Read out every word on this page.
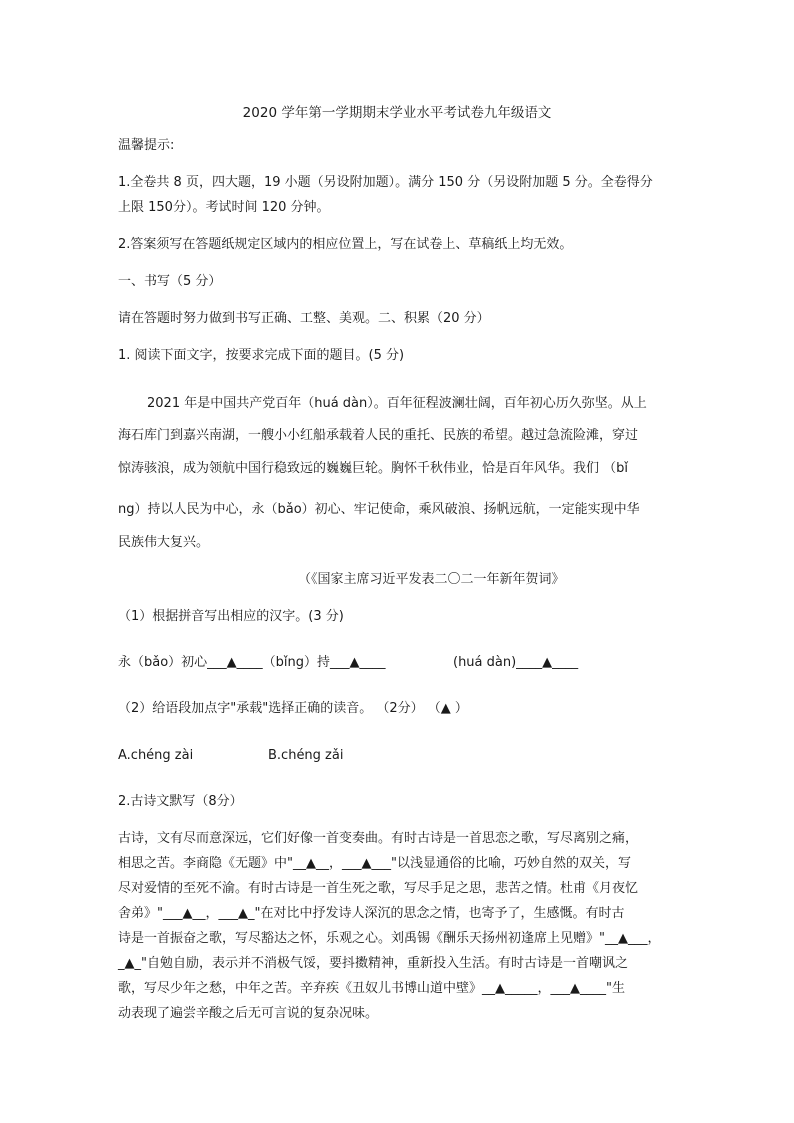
2020 学年第一学期期末学业水平考试卷九年级语文
温馨提示:
1.全卷共 8 页，四大题，19 小题（另设附加题）。满分 150 分（另设附加题 5 分。全卷得分
上限 150分）。考试时间 120 分钟。
2.答案须写在答题纸规定区域内的相应位置上，写在试卷上、草稿纸上均无效。
一、书写（5 分）
请在答题时努力做到书写正确、工整、美观。二、积累（20 分）
1. 阅读下面文字，按要求完成下面的题目。(5 分)
2021 年是中国共产党百年（huá dàn）。百年征程波澜壮阔，百年初心历久弥坚。从上
海石库门到嘉兴南湖，一艘小小红船承载着人民的重托、民族的希望。越过急流险滩，穿过
惊涛骇浪，成为领航中国行稳致远的巍巍巨轮。胸怀千秋伟业，恰是百年风华。我们 （bǐ
ng）持以人民为中心，永（bǎo）初心、牢记使命，乘风破浪、扬帆远航，一定能实现中华
民族伟大复兴。
（《国家主席习近平发表二〇二一年新年贺词》
（1）根据拼音写出相应的汉字。(3 分)
永（bǎo）初心___▲____（bǐng）持___▲____	(huá dàn)____▲____
（2）给语段加点字"承载"选择正确的读音。 （2分） （▲ ）
A.chéng zài	B.chéng zǎi
2.古诗文默写（8分）
古诗，文有尽而意深远，它们好像一首变奏曲。有时古诗是一首思恋之歌，写尽离别之痛，
相思之苦。李商隐《无题》中"__▲__，___▲___"以浅显通俗的比喻，巧妙自然的双关，写
尽对爱情的至死不渝。有时古诗是一首生死之歌，写尽手足之思，悲苦之情。杜甫《月夜忆
舍弟》"___▲__，___▲_"在对比中抒发诗人深沉的思念之情，也寄予了，生感慨。有时古
诗是一首振奋之歌，写尽豁达之怀，乐观之心。刘禹锡《酬乐天扬州初逢席上见赠》"__▲___，
_▲_"自勉自励，表示并不消极气馁，要抖擞精神，重新投入生活。有时古诗是一首嘲讽之
歌，写尽少年之愁，中年之苦。辛弃疾《丑奴儿书博山道中壁》__▲_____，___▲____"生
动表现了遍尝辛酸之后无可言说的复杂况味。
